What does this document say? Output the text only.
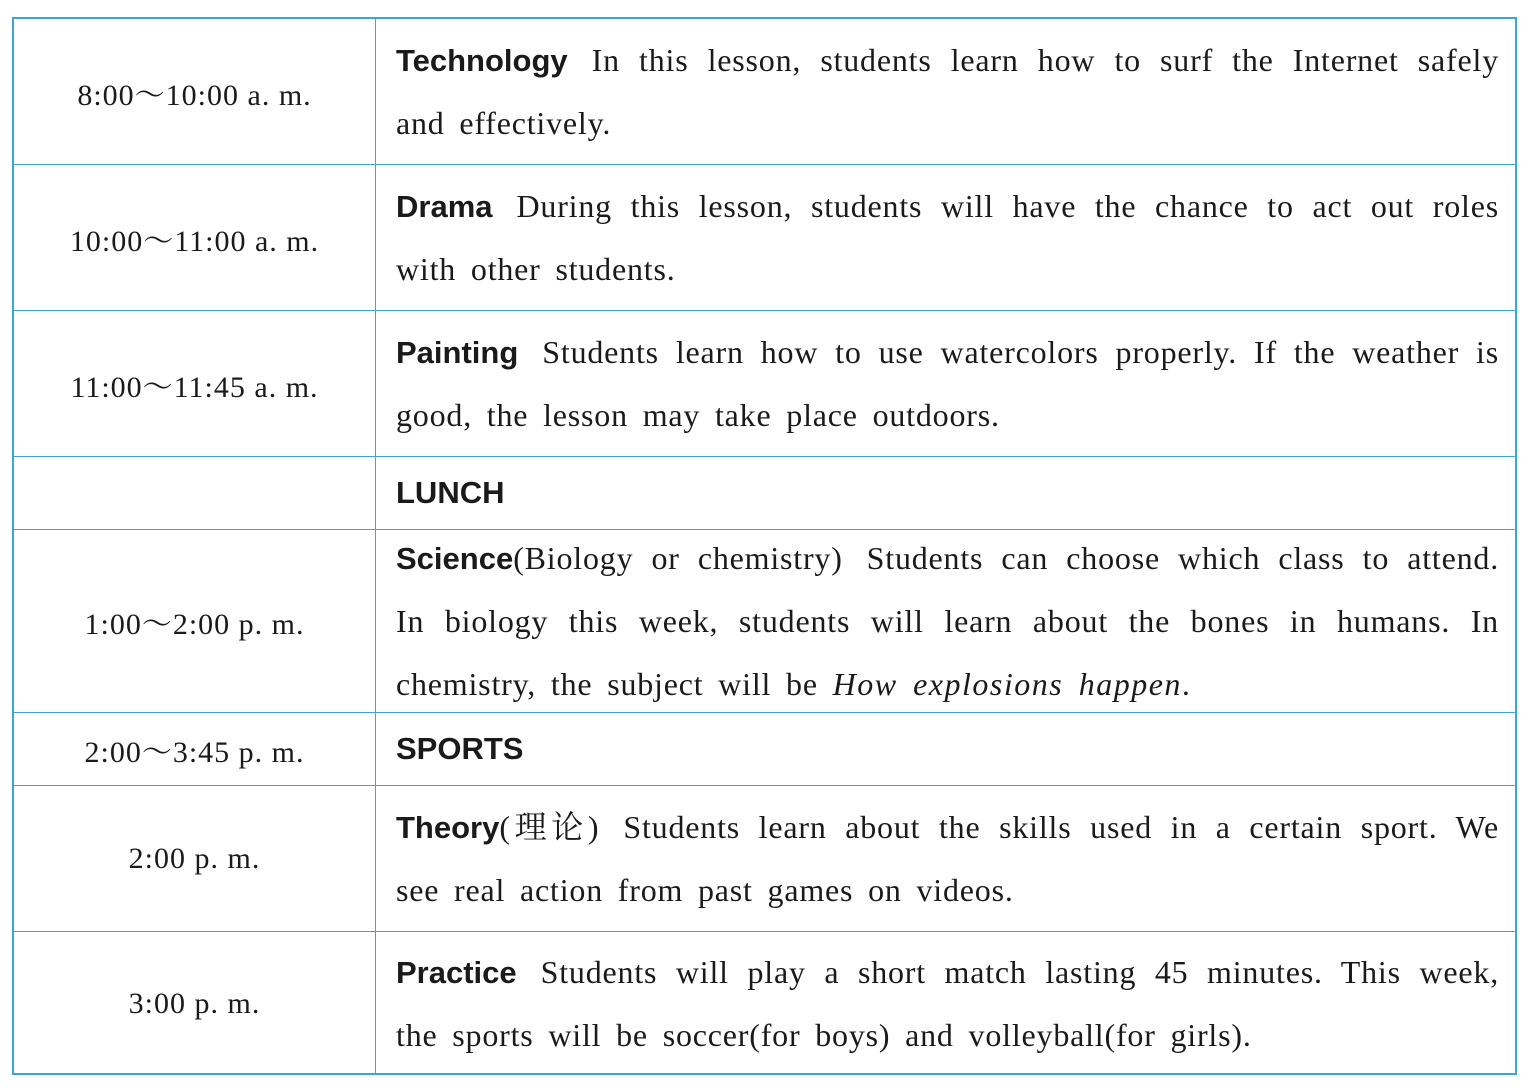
8:00～10:00 a. m.
Technology In this lesson, students learn how to surf the Internet safely and effectively.
10:00～11:00 a. m.
Drama During this lesson, students will have the chance to act out roles with other students.
11:00～11:45 a. m.
Painting Students learn how to use watercolors properly. If the weather is good, the lesson may take place outdoors.
LUNCH
1:00～2:00 p. m.
Science(Biology or chemistry) Students can choose which class to attend. In biology this week, students will learn about the bones in humans. In chemistry, the subject will be How explosions happen.
2:00～3:45 p. m.	SPORTS
2:00 p. m.
Theory(理论) Students learn about the skills used in a certain sport. We see real action from past games on videos.
3:00 p. m.
Practice Students will play a short match lasting 45 minutes. This week, the sports will be soccer(for boys) and volleyball(for girls).
